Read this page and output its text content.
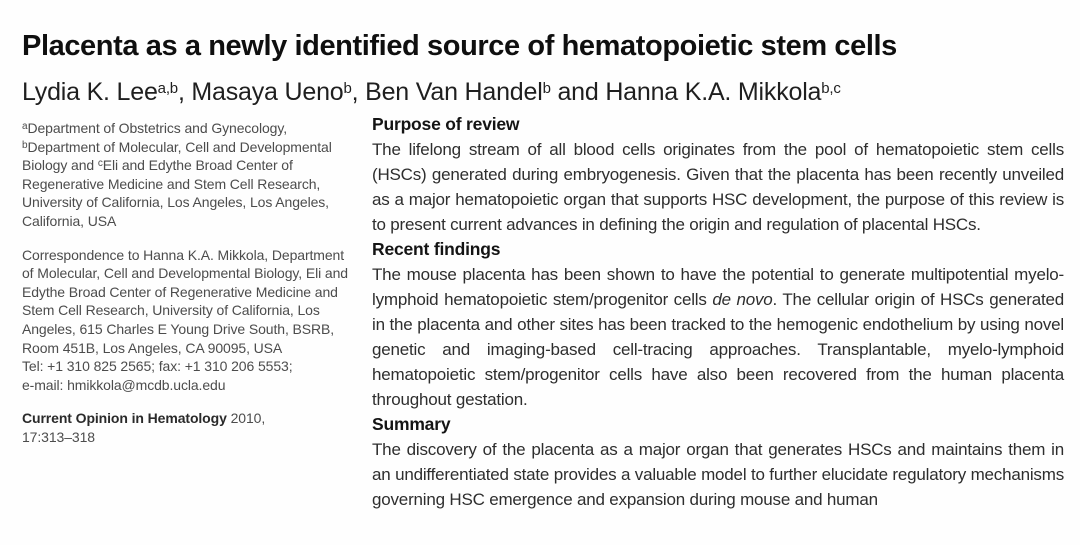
Placenta as a newly identified source of hematopoietic stem cells

Lydia K. Lee$^{a,b}$, Masaya Ueno$^b$, Ben Van Handel$^b$ and Hanna K.A. Mikkola$^{b,c}$

$^a$Department of Obstetrics and Gynecology, $^b$Department of Molecular, Cell and Developmental Biology and $^c$Eli and Edythe Broad Center of Regenerative Medicine and Stem Cell Research, University of California, Los Angeles, Los Angeles, California, USA

Correspondence to Hanna K.A. Mikkola, Department of Molecular, Cell and Developmental Biology, Eli and Edythe Broad Center of Regenerative Medicine and Stem Cell Research, University of California, Los Angeles, 615 Charles E Young Drive South, BSRB, Room 451B, Los Angeles, CA 90095, USA
Tel: +1 310 825 2565; fax: +1 310 206 5553;
e-mail: hmikkola@mcdb.ucla.edu

Current Opinion in Hematology 2010,
17:313–318

Purpose of review

The lifelong stream of all blood cells originates from the pool of hematopoietic stem cells (HSCs) generated during embryogenesis. Given that the placenta has been recently unveiled as a major hematopoietic organ that supports HSC development, the purpose of this review is to present current advances in defining the origin and regulation of placental HSCs.

Recent findings

The mouse placenta has been shown to have the potential to generate multipotential myelo-lymphoid hematopoietic stem/progenitor cells de novo. The cellular origin of HSCs generated in the placenta and other sites has been tracked to the hemogenic endothelium by using novel genetic and imaging-based cell-tracing approaches. Transplantable, myelo-lymphoid hematopoietic stem/progenitor cells have also been recovered from the human placenta throughout gestation.

Summary

The discovery of the placenta as a major organ that generates HSCs and maintains them in an undifferentiated state provides a valuable model to further elucidate regulatory mechanisms governing HSC emergence and expansion during mouse and human
